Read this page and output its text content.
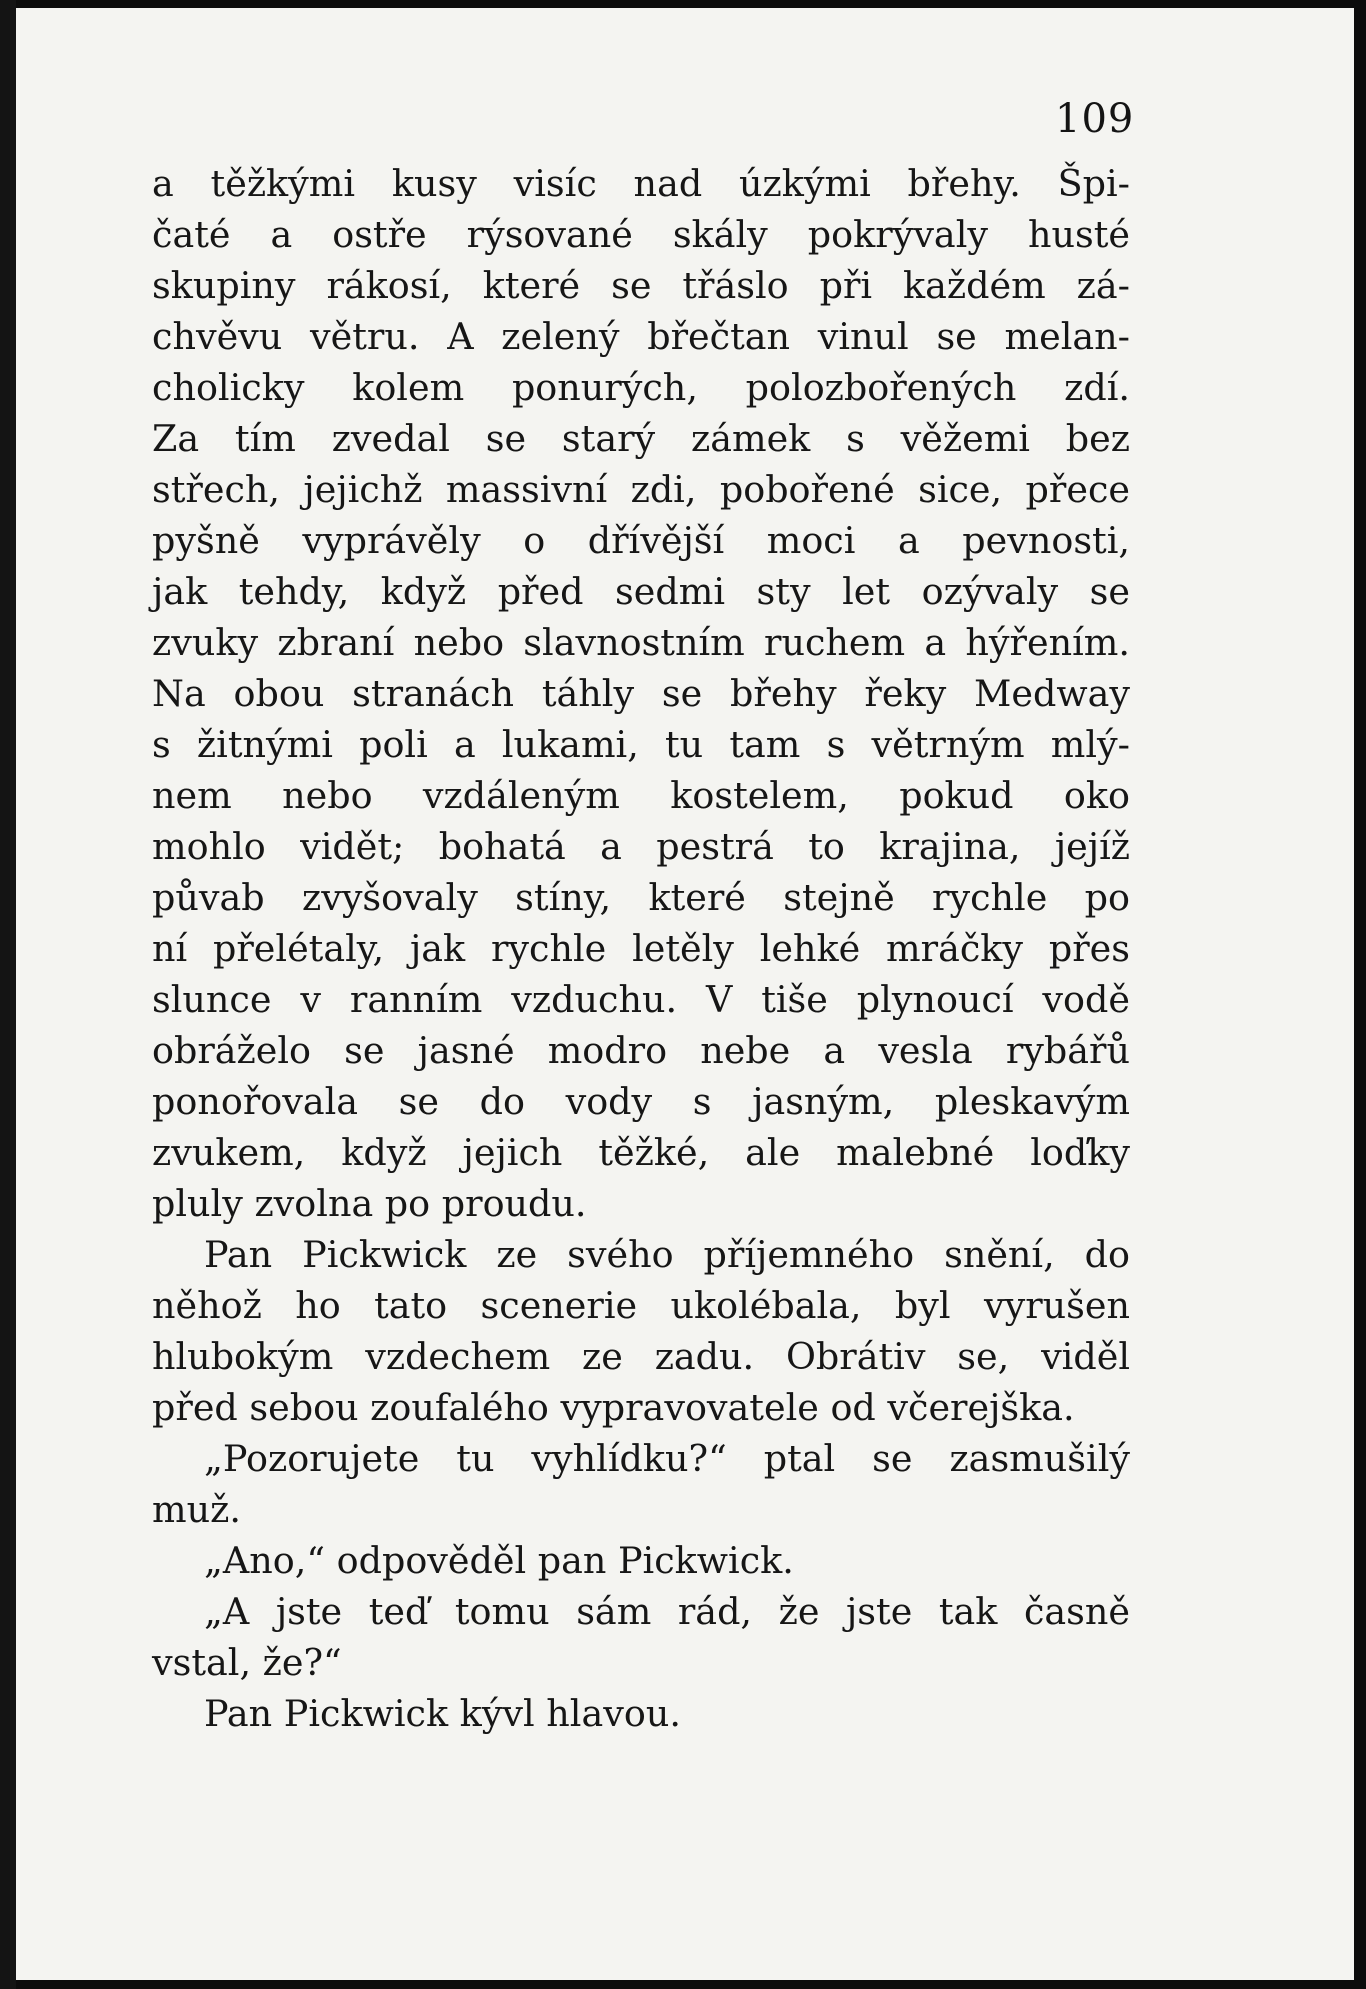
109
a těžkými kusy visíc nad úzkými břehy. Špi-
čaté a ostře rýsované skály pokrývaly husté
skupiny rákosí, které se třáslo při každém zá-
chvěvu větru. A zelený břečtan vinul se melan-
cholicky kolem ponurých, polozbořených zdí.
Za tím zvedal se starý zámek s věžemi bez
střech, jejichž massivní zdi, pobořené sice, přece
pyšně vyprávěly o dřívější moci a pevnosti,
jak tehdy, když před sedmi sty let ozývaly se
zvuky zbraní nebo slavnostním ruchem a hýřením.
Na obou stranách táhly se břehy řeky Medway
s žitnými poli a lukami, tu tam s větrným mlý-
nem nebo vzdáleným kostelem, pokud oko
mohlo vidět; bohatá a pestrá to krajina, jejíž
půvab zvyšovaly stíny, které stejně rychle po
ní přelétaly, jak rychle letěly lehké mráčky přes
slunce v ranním vzduchu. V tiše plynoucí vodě
obráželo se jasné modro nebe a vesla rybářů
ponořovala se do vody s jasným, pleskavým
zvukem, když jejich těžké, ale malebné loďky
pluly zvolna po proudu.
Pan Pickwick ze svého příjemného snění, do
něhož ho tato scenerie ukolébala, byl vyrušen
hlubokým vzdechem ze zadu. Obrátiv se, viděl
před sebou zoufalého vypravovatele od včerejška.
„Pozorujete tu vyhlídku?“ ptal se zasmušilý
muž.
„Ano,“ odpověděl pan Pickwick.
„A jste teď tomu sám rád, že jste tak časně
vstal, že?“
Pan Pickwick kývl hlavou.
